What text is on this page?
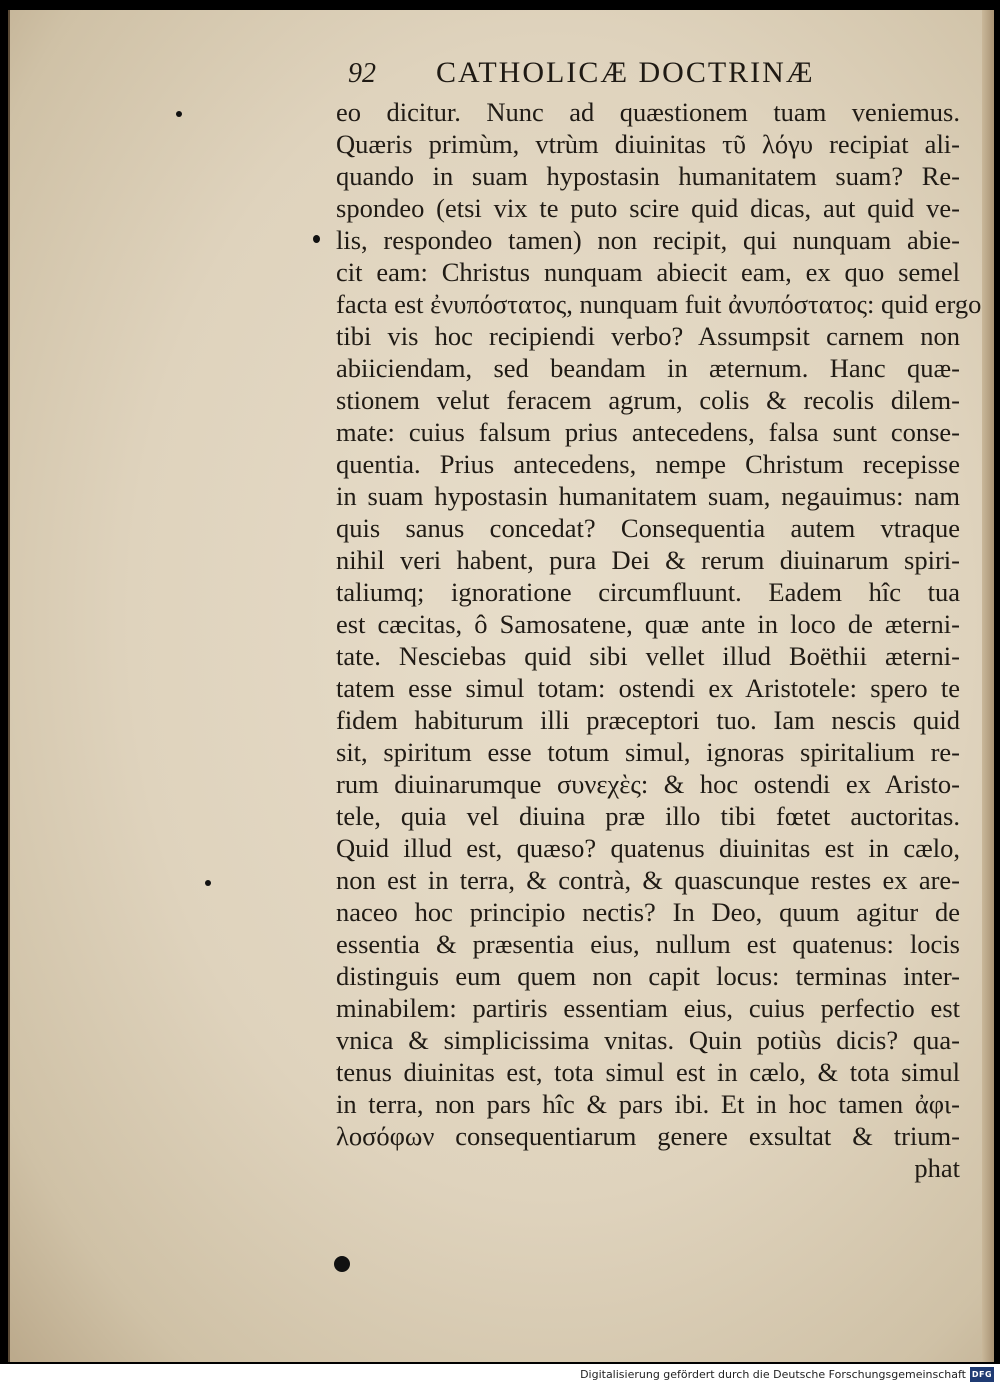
92 CATHOLICÆ DOCTRINÆ
eo dicitur. Nunc ad quæstionem tuam veniemus.
Quæris primùm, vtrùm diuinitas τῦ λόγυ recipiat ali-
quando in suam hypostasin humanitatem suam? Re-
spondeo (etsi vix te puto scire quid dicas, aut quid ve-
lis, respondeo tamen) non recipit, qui nunquam abie-
cit eam: Christus nunquam abiecit eam, ex quo semel
facta est ἐνυπόστατος, nunquam fuit ἀνυπόστατος: quid ergo
tibi vis hoc recipiendi verbo? Assumpsit carnem non
abiiciendam, sed beandam in æternum. Hanc quæ-
stionem velut feracem agrum, colis & recolis dilem-
mate: cuius falsum prius antecedens, falsa sunt conse-
quentia. Prius antecedens, nempe Christum recepisse
in suam hypostasin humanitatem suam, negauimus: nam
quis sanus concedat? Consequentia autem vtraque
nihil veri habent, pura Dei & rerum diuinarum spiri-
taliumq; ignoratione circumfluunt. Eadem hîc tua
est cæcitas, ô Samosatene, quæ ante in loco de æterni-
tate. Nesciebas quid sibi vellet illud Boëthii æterni-
tatem esse simul totam: ostendi ex Aristotele: spero te
fidem habiturum illi præceptori tuo. Iam nescis quid
sit, spiritum esse totum simul, ignoras spiritalium re-
rum diuinarumque συνεχὲς: & hoc ostendi ex Aristo-
tele, quia vel diuina præ illo tibi fœtet auctoritas.
Quid illud est, quæso? quatenus diuinitas est in cælo,
non est in terra, & contrà, & quascunque restes ex are-
naceo hoc principio nectis? In Deo, quum agitur de
essentia & præsentia eius, nullum est quatenus: locis
distinguis eum quem non capit locus: terminas inter-
minabilem: partiris essentiam eius, cuius perfectio est
vnica & simplicissima vnitas. Quin potiùs dicis? qua-
tenus diuinitas est, tota simul est in cælo, & tota simul
in terra, non pars hîc & pars ibi. Et in hoc tamen ἀφι-
λοσόφων consequentiarum genere exsultat & trium-
phat
Digitalisierung gefördert durch die Deutsche Forschungsgemeinschaft DFG
